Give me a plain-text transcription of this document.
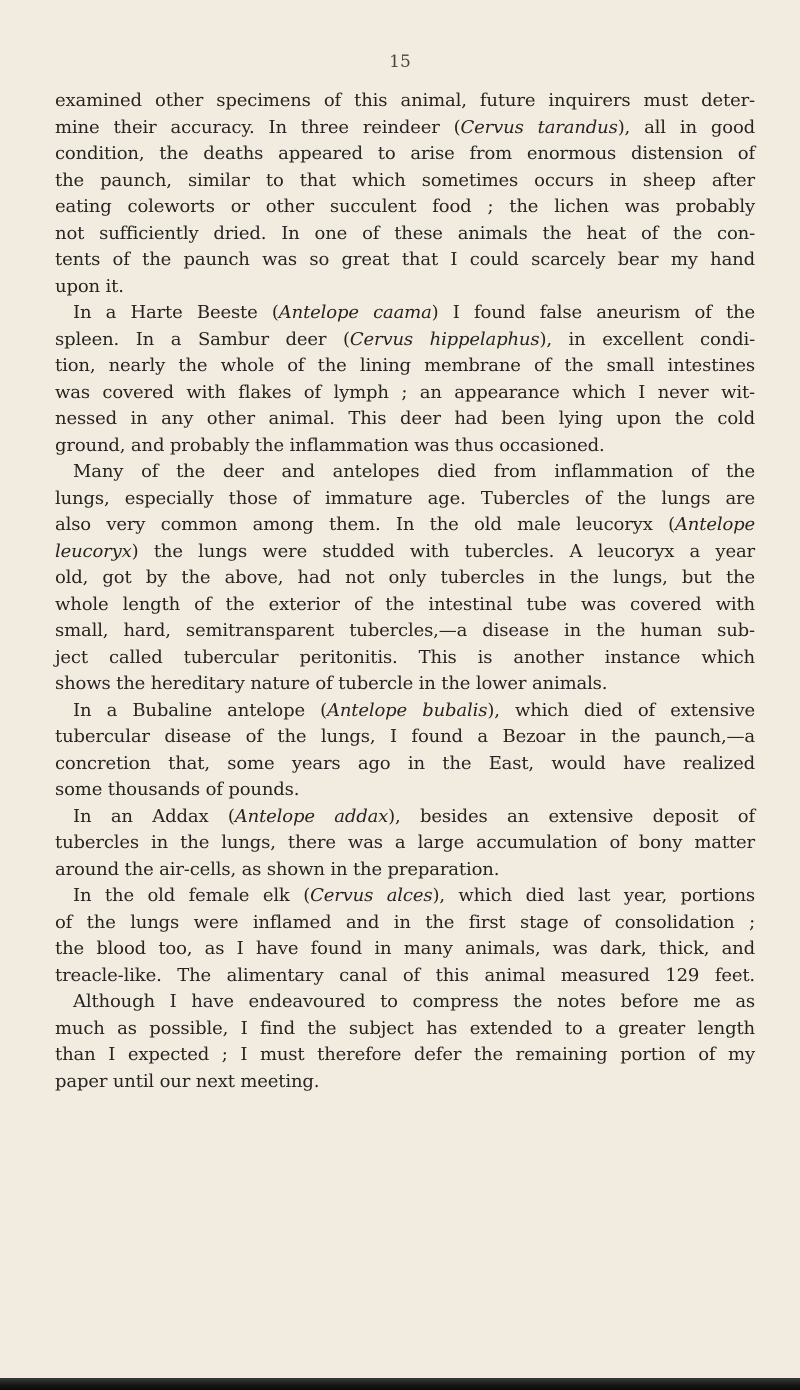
15
examined other specimens of this animal, future inquirers must deter-
mine their accuracy. In three reindeer (Cervus tarandus), all in good
condition, the deaths appeared to arise from enormous distension of
the paunch, similar to that which sometimes occurs in sheep after
eating coleworts or other succulent food ; the lichen was probably
not sufficiently dried. In one of these animals the heat of the con-
tents of the paunch was so great that I could scarcely bear my hand
upon it.
In a Harte Beeste (Antelope caama) I found false aneurism of the
spleen. In a Sambur deer (Cervus hippelaphus), in excellent condi-
tion, nearly the whole of the lining membrane of the small intestines
was covered with flakes of lymph ; an appearance which I never wit-
nessed in any other animal. This deer had been lying upon the cold
ground, and probably the inflammation was thus occasioned.
Many of the deer and antelopes died from inflammation of the
lungs, especially those of immature age. Tubercles of the lungs are
also very common among them. In the old male leucoryx (Antelope
leucoryx) the lungs were studded with tubercles. A leucoryx a year
old, got by the above, had not only tubercles in the lungs, but the
whole length of the exterior of the intestinal tube was covered with
small, hard, semitransparent tubercles,—a disease in the human sub-
ject called tubercular peritonitis. This is another instance which
shows the hereditary nature of tubercle in the lower animals.
In a Bubaline antelope (Antelope bubalis), which died of extensive
tubercular disease of the lungs, I found a Bezoar in the paunch,—a
concretion that, some years ago in the East, would have realized
some thousands of pounds.
In an Addax (Antelope addax), besides an extensive deposit of
tubercles in the lungs, there was a large accumulation of bony matter
around the air-cells, as shown in the preparation.
In the old female elk (Cervus alces), which died last year, portions
of the lungs were inflamed and in the first stage of consolidation ;
the blood too, as I have found in many animals, was dark, thick, and
treacle-like. The alimentary canal of this animal measured 129 feet.
Although I have endeavoured to compress the notes before me as
much as possible, I find the subject has extended to a greater length
than I expected ; I must therefore defer the remaining portion of my
paper until our next meeting.
